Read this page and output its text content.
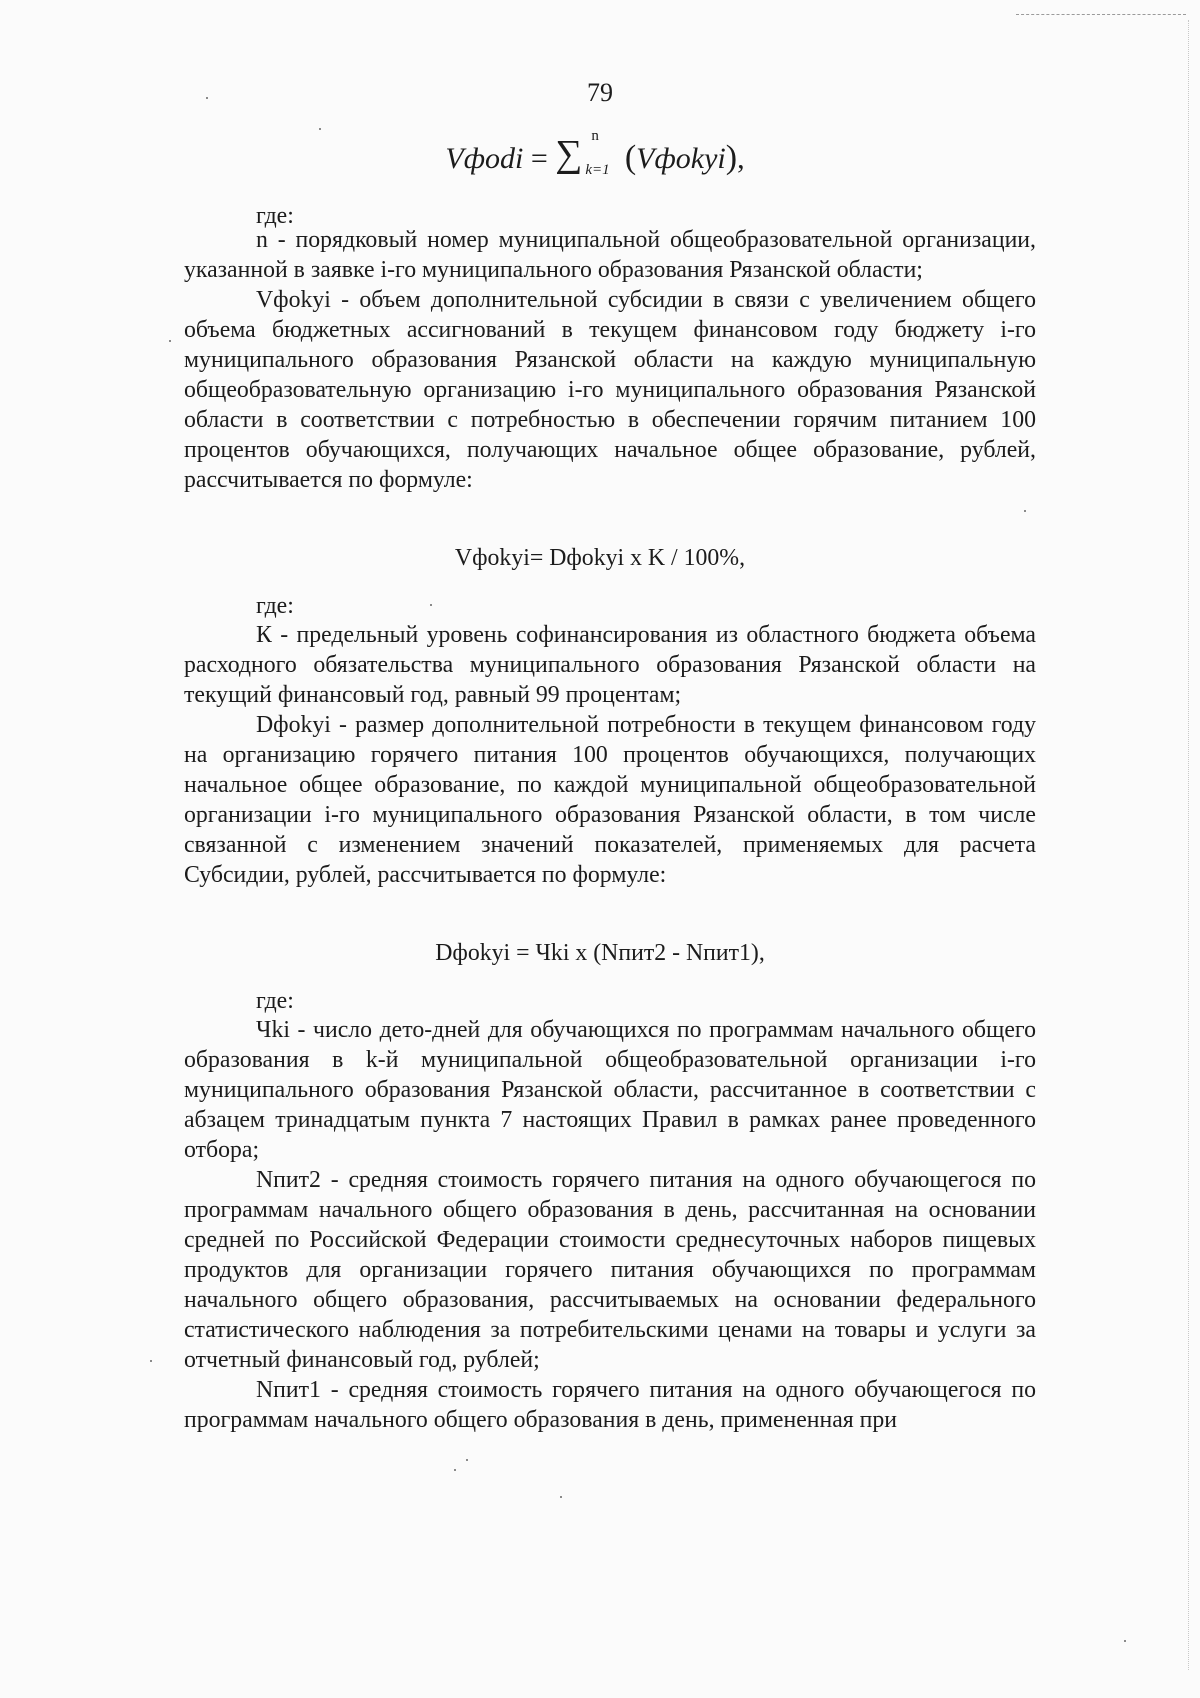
79
Vфodi = ∑ n
k=1 (Vфokyi),
где:

n - порядковый номер муниципальной общеобразовательной организации, указанной в заявке i-го муниципального образования Рязанской области;

Vфokyi - объем дополнительной субсидии в связи с увеличением общего объема бюджетных ассигнований в текущем финансовом году бюджету i-го муниципального образования Рязанской области на каждую муниципальную общеобразовательную организацию i-го муниципального образования Рязанской области в соответствии с потребностью в обеспечении горячим питанием 100 процентов обучающихся, получающих начальное общее образование, рублей, рассчитывается по формуле:

Vфokyi= Dфokyi x K / 100%,
где:

К - предельный уровень софинансирования из областного бюджета объема расходного обязательства муниципального образования Рязанской области на текущий финансовый год, равный 99 процентам;

Dфokyi - размер дополнительной потребности в текущем финансовом году на организацию горячего питания 100 процентов обучающихся, получающих начальное общее образование, по каждой муниципальной общеобразовательной организации i-го муниципального образования Рязанской области, в том числе связанной с изменением значений показателей, применяемых для расчета Субсидии, рублей, рассчитывается по формуле:

Dфokyi = Чki x (Nпит2 - Nпит1),
где:

Чki - число дето-дней для обучающихся по программам начального общего образования в k-й муниципальной общеобразовательной организации i-го муниципального образования Рязанской области, рассчитанное в соответствии с абзацем тринадцатым пункта 7 настоящих Правил в рамках ранее проведенного отбора;

Nпит2 - средняя стоимость горячего питания на одного обучающегося по программам начального общего образования в день, рассчитанная на основании средней по Российской Федерации стоимости среднесуточных наборов пищевых продуктов для организации горячего питания обучающихся по программам начального общего образования, рассчитываемых на основании федерального статистического наблюдения за потребительскими ценами на товары и услуги за отчетный финансовый год, рублей;

Nпит1 - средняя стоимость горячего питания на одного обучающегося по программам начального общего образования в день, примененная при
